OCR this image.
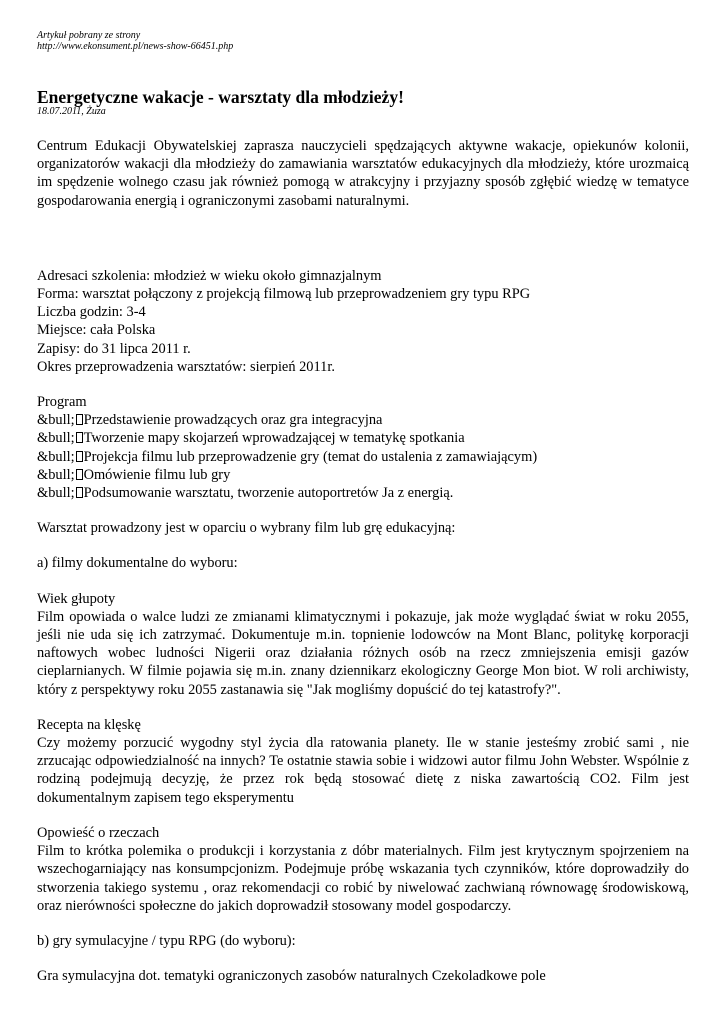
Artykuł pobrany ze strony
http://www.ekonsument.pl/news-show-66451.php
Energetyczne wakacje - warsztaty dla młodzieży!
18.07.2011, Żuza
Centrum Edukacji Obywatelskiej zaprasza nauczycieli spędzających aktywne wakacje, opiekunów kolonii, organizatorów wakacji dla młodzieży do zamawiania warsztatów edukacyjnych dla młodzieży, które urozmaicą im spędzenie wolnego czasu jak również pomogą w atrakcyjny i przyjazny sposób zgłębić wiedzę w tematyce gospodarowania energią i ograniczonymi zasobami naturalnymi.
Adresaci szkolenia: młodzież w wieku około gimnazjalnym
Forma: warsztat połączony z projekcją filmową lub przeprowadzeniem gry typu RPG
Liczba godzin: 3-4
Miejsce: cała Polska
Zapisy: do 31 lipca 2011 r.
Okres przeprowadzenia warsztatów: sierpień 2011r.
Program
&bull; Przedstawienie prowadzących oraz gra integracyjna
&bull; Tworzenie mapy skojarzeń wprowadzającej w tematykę spotkania
&bull; Projekcja filmu lub przeprowadzenie gry (temat do ustalenia z zamawiającym)
&bull; Omówienie filmu lub gry
&bull; Podsumowanie warsztatu, tworzenie autoportretów Ja z energią.
Warsztat prowadzony jest w oparciu o wybrany film lub grę edukacyjną:
a) filmy dokumentalne do wyboru:
Wiek głupoty
Film opowiada o walce ludzi ze zmianami klimatycznymi i pokazuje, jak może wyglądać świat w roku 2055, jeśli nie uda się ich zatrzymać. Dokumentuje m.in. topnienie lodowców na Mont Blanc, politykę korporacji naftowych wobec ludności Nigerii oraz działania różnych osób na rzecz zmniejszenia emisji gazów cieplarnianych. W filmie pojawia się m.in. znany dziennikarz ekologiczny George Mon biot. W roli archiwisty, który z perspektywy roku 2055 zastanawia się "Jak mogliśmy dopuścić do tej katastrofy?".
Recepta na klęskę
Czy możemy porzucić wygodny styl życia dla ratowania planety. Ile w stanie jesteśmy zrobić sami , nie zrzucając odpowiedzialność na innych? Te ostatnie stawia sobie i widzowi autor filmu John Webster. Wspólnie z rodziną podejmują decyzję, że przez rok będą stosować dietę z niska zawartością CO2. Film jest dokumentalnym zapisem tego eksperymentu
Opowieść o rzeczach
Film to krótka polemika o produkcji i korzystania z dóbr materialnych. Film jest krytycznym spojrzeniem na wszechogarniający nas konsumpcjonizm. Podejmuje próbę wskazania tych czynników, które doprowadziły do stworzenia takiego systemu , oraz rekomendacji co robić by niwelować zachwianą równowagę środowiskową, oraz nierówności społeczne do jakich doprowadził stosowany model gospodarczy.
b) gry symulacyjne / typu RPG (do wyboru):
Gra symulacyjna dot. tematyki ograniczonych zasobów naturalnych Czekoladkowe pole
